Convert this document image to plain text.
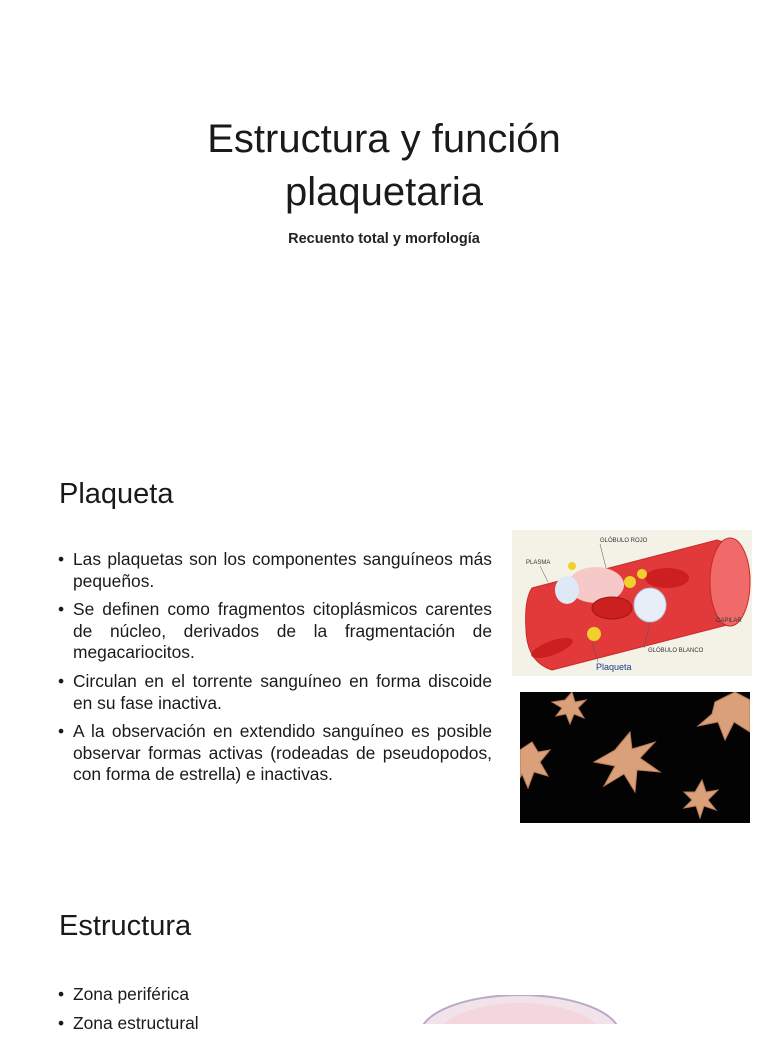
Estructura y función
plaquetaria
Recuento total y morfología
Plaqueta
• Las plaquetas son los componentes sanguíneos más pequeños.
• Se definen como fragmentos citoplásmicos carentes de núcleo, derivados de la fragmentación de megacariocitos.
• Circulan en el torrente sanguíneo en forma discoide en su fase inactiva.
• A la observación en extendido sanguíneo es posible observar formas activas (rodeadas de pseudopodos, con forma de estrella) e inactivas.
GLÓBULO ROJO
PLASMA
CAPILAR
GLÓBULO BLANCO
Plaqueta
Estructura
• Zona periférica
• Zona estructural
